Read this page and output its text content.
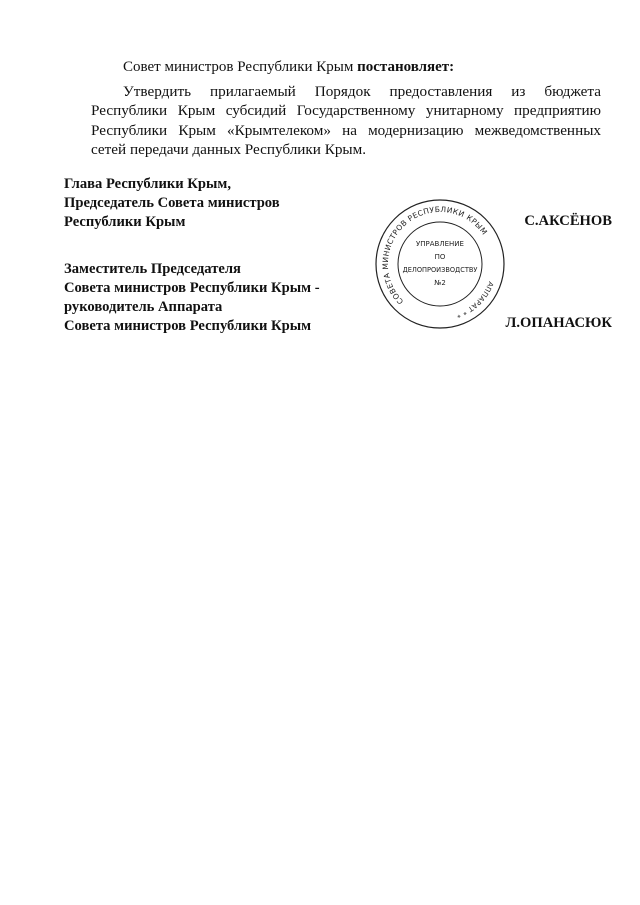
Совет министров Республики Крым постановляет:
Утвердить прилагаемый Порядок предоставления из бюджета Республики Крым субсидий Государственному унитарному предприятию Республики Крым «Крымтелеком» на модернизацию межведомственных сетей передачи данных Республики Крым.
Глава Республики Крым,
Председатель Совета министров
Республики Крым	С.АКСЁНОВ
Заместитель Председателя
Совета министров Республики Крым -
руководитель Аппарата
Совета министров Республики Крым	Л.ОПАНАСЮК
СОВЕТА МИНИСТРОВ РЕСПУБЛИКИ КРЫМ
АППАРАТ * *
УПРАВЛЕНИЕ
ПО
ДЕЛОПРОИЗВОДСТВУ
№2
